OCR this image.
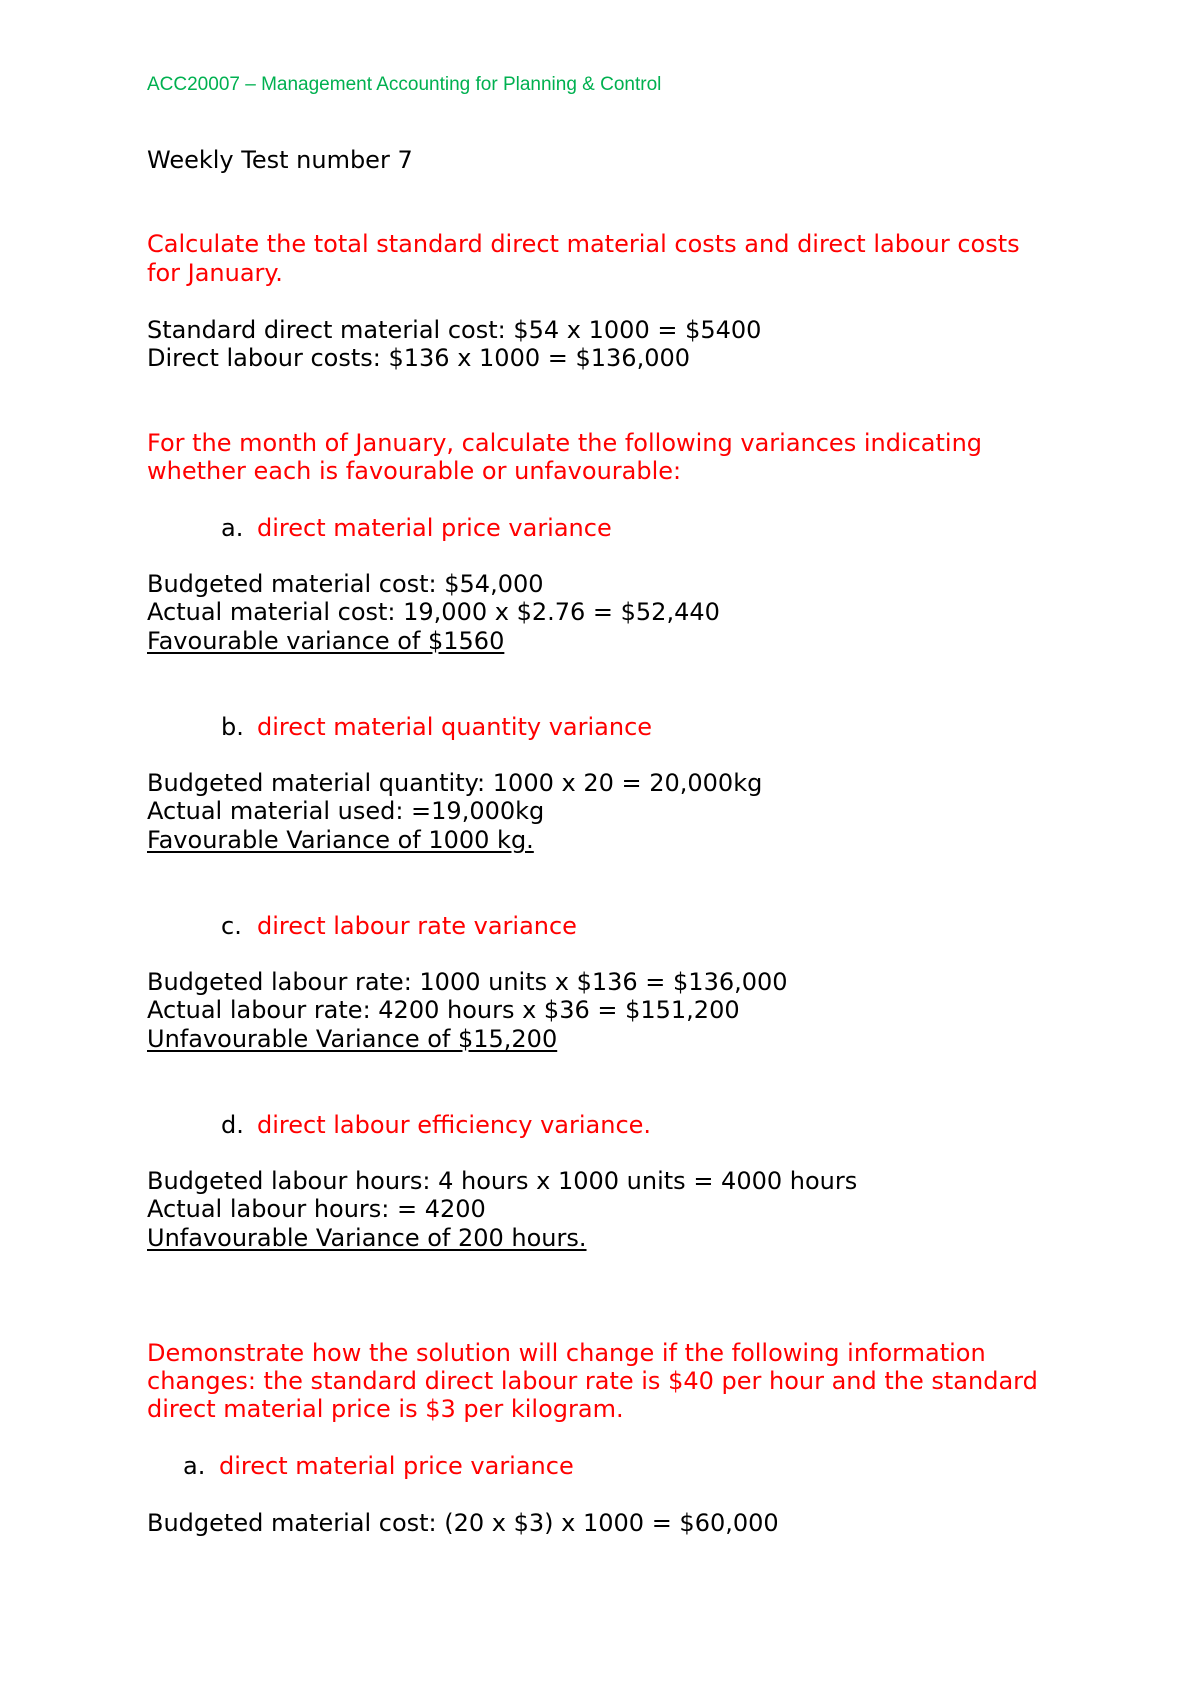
ACC20007 – Management Accounting for Planning & Control
Weekly Test number 7
Calculate the total standard direct material costs and direct labour costs
for January.
Standard direct material cost: $54 x 1000 = $5400
Direct labour costs: $136 x 1000 = $136,000
For the month of January, calculate the following variances indicating
whether each is favourable or unfavourable:
a. direct material price variance
Budgeted material cost: $54,000
Actual material cost: 19,000 x $2.76 = $52,440
Favourable variance of $1560
b. direct material quantity variance
Budgeted material quantity: 1000 x 20 = 20,000kg
Actual material used: =19,000kg
Favourable Variance of 1000 kg.
c. direct labour rate variance
Budgeted labour rate: 1000 units x $136 = $136,000
Actual labour rate: 4200 hours x $36 = $151,200
Unfavourable Variance of $15,200
d. direct labour efficiency variance.
Budgeted labour hours: 4 hours x 1000 units = 4000 hours
Actual labour hours: = 4200
Unfavourable Variance of 200 hours.
Demonstrate how the solution will change if the following information
changes: the standard direct labour rate is $40 per hour and the standard
direct material price is $3 per kilogram.
a. direct material price variance
Budgeted material cost: (20 x $3) x 1000 = $60,000
